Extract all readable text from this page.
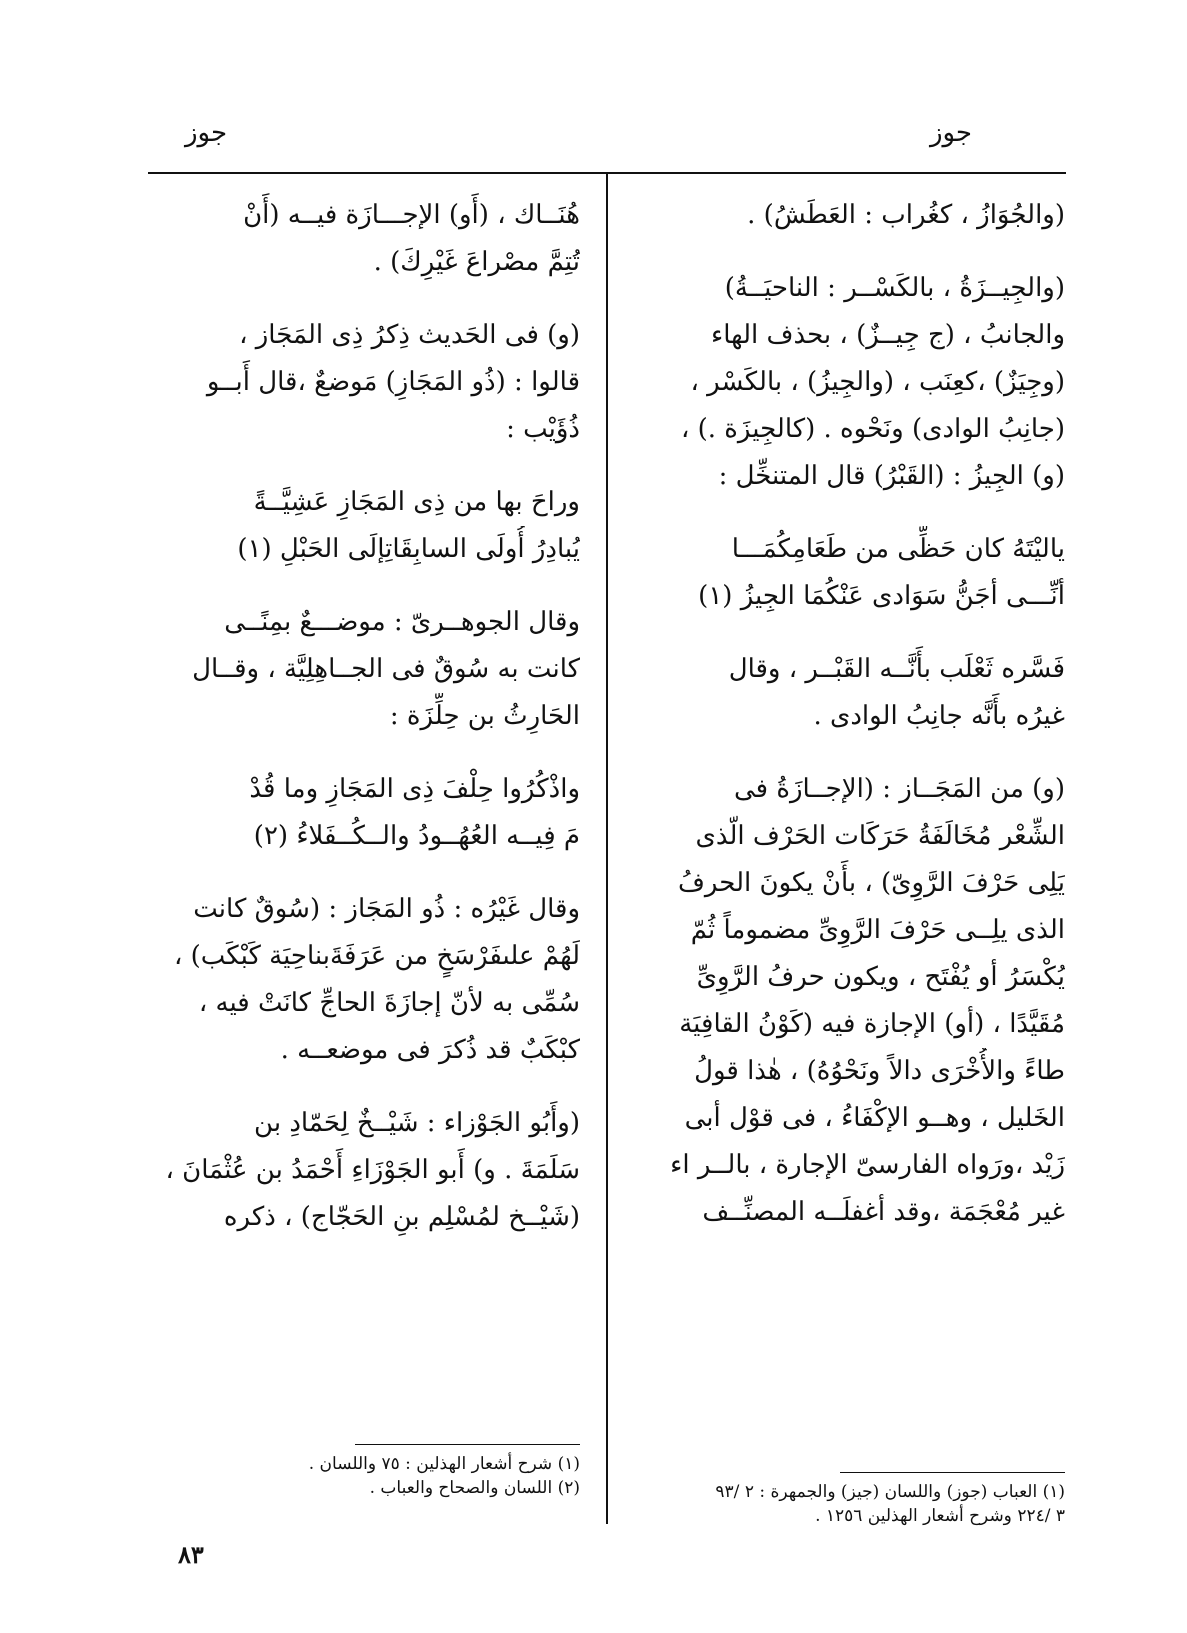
جوز
جوز
(والجُوَازُ ، كغُراب : العَطَشُ) .
(والجِيــزَةُ ، بالكَسْــر : الناحيَــةُ)
والجانبُ ، (ج جِيــزٌ) ، بحذف الهاء
(وجِيَزٌ) ،كعِنَب ، (والجِيزُ) ، بالكَسْر ،
(جانِبُ الوادى) ونَحْوه . (كالجِيزَة .) ،
(و) الجِيزُ : (القَبْرُ) قال المتنخِّل :
ياليْتَهُ كان حَظِّى من طَعَامِكُمَـــا
أنِّـــى أجَنُّ سَوَادى عَنْكُمَا الجِيزُ (١)
فَسَّره ثَعْلَب بأَنَّــه القَبْــر ، وقال
غيرُه بأَنَّه جانِبُ الوادى .
(و) من المَجَــاز : (الإجــازَةُ فى
الشِّعْر مُخَالَفَةُ حَرَكَات الحَرْف الّذى
يَلِى حَرْفَ الرَّوِىّ) ، بأَنْ يكونَ الحرفُ
الذى يلِــى حَرْفَ الرَّوِىِّ مضموماً ثُمّ
يُكْسَرُ أو يُفْتَح ، ويكون حرفُ الرَّوِىِّ
مُقَيَّدًا ، (أو) الإجازة فيه (كَوْنُ القافِيَة
طاءً والأُخْرَى دالاً ونَحْوُهُ) ، هٰذا قولُ
الخَليل ، وهــو الإكْفَاءُ ، فى قوْل أبى
زَيْد ،ورَواه الفارسىّ الإجارة ، بالــر اء
غير مُعْجَمَة ،وقد أغفلَــه المصنِّــف
هُنَــاك ، (أَو) الإجـــازَة فيــه (أَنْ
تُتِمَّ مصْراعَ غَيْرِكَ) .
(و) فى الحَديث ذِكرُ ذِى المَجَاز ،
قالوا : (ذُو المَجَازِ) مَوضعٌ ،قال أَبــو
ذُؤَيْب :
وراحَ بها من ذِى المَجَازِ عَشِيَّــةً
يُبادِرُ أُولَى السابِقَاتِإلَى الحَبْلِ (١)
وقال الجوهــرىّ : موضـــعٌ بمِنًــى
كانت به سُوقٌ فى الجــاهِلِيَّة ، وقــال
الحَارِثُ بن حِلِّزَة :
واذْكُرُوا حِلْفَ ذِى المَجَازِ وما قُدْ
مَ فِيــه العُهُــودُ والــكُــفَلاءُ (٢)
وقال غَيْرُه : ذُو المَجَاز : (سُوقٌ كانت
لَهُمْ علىفَرْسَخٍ من عَرَفَةَبناحِيَة كَبْكَب) ،
سُمِّى به لأنّ إجازَةَ الحاجِّ كانَتْ فيه ،
كبْكَبٌ قد ذُكرَ فى موضعــه .
(وأَبُو الجَوْزاء : شَيْــخٌ لِحَمّادِ بن
سَلَمَةَ . و) أَبو الجَوْزَاءِ أَحْمَدُ بن عُثْمَانَ ،
(شَيْــخ لمُسْلِم بنِ الحَجّاج) ، ذكره
(١) العباب (جوز) واللسان (جيز) والجمهرة : ٢ /٩٣
٣ /٢٢٤ وشرح أشعار الهذلين ١٢٥٦ .
(١) شرح أشعار الهذلين : ٧٥ واللسان .
(٢) اللسان والصحاح والعباب .
٨٣
